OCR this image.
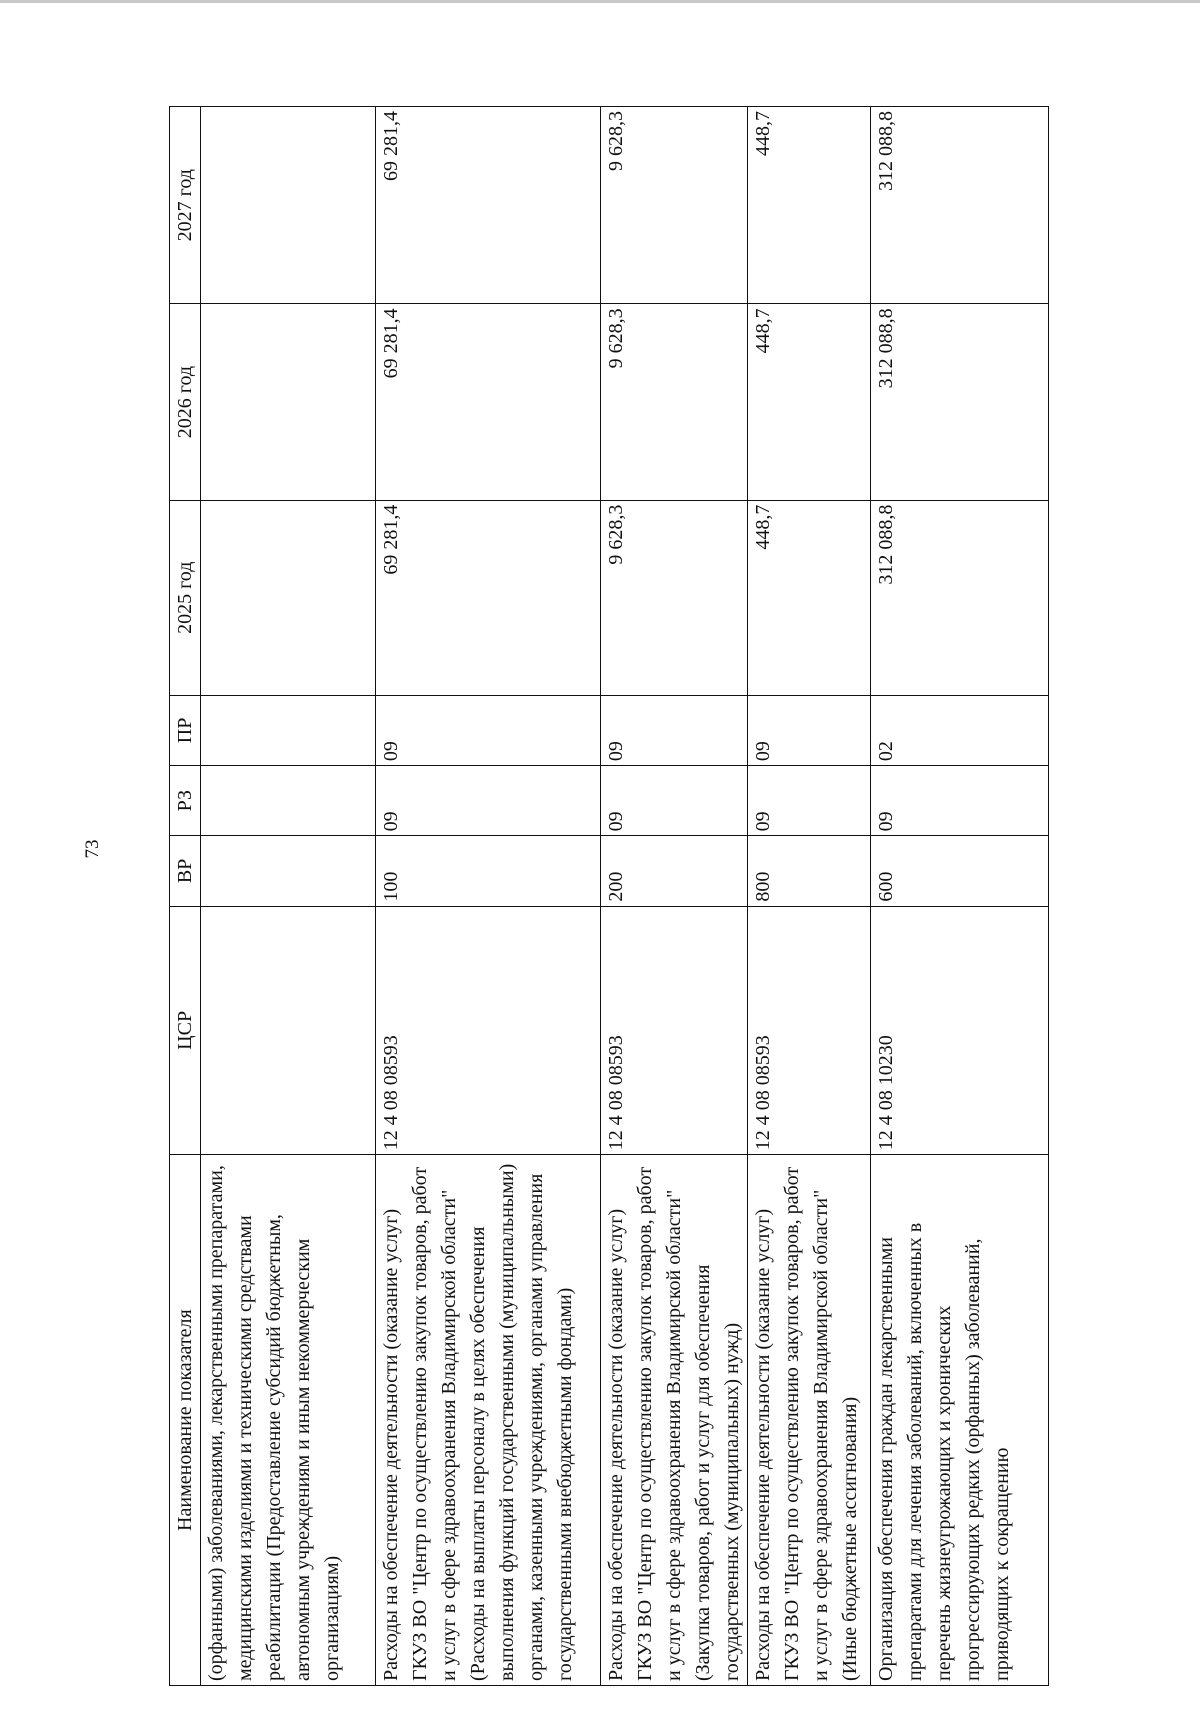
73
Наименование показателя	ЦСР	ВР	РЗ	ПР	2025 год	2026 год	2027 год
(орфанными) заболеваниями, лекарственными препаратами, медицинскими изделиями и техническими средствами реабилитации (Предоставление субсидий бюджетным, автономным учреждениям и иным некоммерческим организациям)							
Расходы на обеспечение деятельности (оказание услуг) ГКУЗ ВО "Центр по осуществлению закупок товаров, работ и услуг в сфере здравоохранения Владимирской области" (Расходы на выплаты персоналу в целях обеспечения выполнения функций государственными (муниципальными) органами, казенными учреждениями, органами управления государственными внебюджетными фондами)	12 4 08 08593	100	09	09	69 281,4	69 281,4	69 281,4
Расходы на обеспечение деятельности (оказание услуг) ГКУЗ ВО "Центр по осуществлению закупок товаров, работ и услуг в сфере здравоохранения Владимирской области" (Закупка товаров, работ и услуг для обеспечения государственных (муниципальных) нужд)	12 4 08 08593	200	09	09	9 628,3	9 628,3	9 628,3
Расходы на обеспечение деятельности (оказание услуг) ГКУЗ ВО "Центр по осуществлению закупок товаров, работ и услуг в сфере здравоохранения Владимирской области" (Иные бюджетные ассигнования)	12 4 08 08593	800	09	09	448,7	448,7	448,7
Организация обеспечения граждан лекарственными препаратами для лечения заболеваний, включенных в перечень жизнеугрожающих и хронических прогрессирующих редких (орфанных) заболеваний, приводящих к сокращению	12 4 08 10230	600	09	02	312 088,8	312 088,8	312 088,8
